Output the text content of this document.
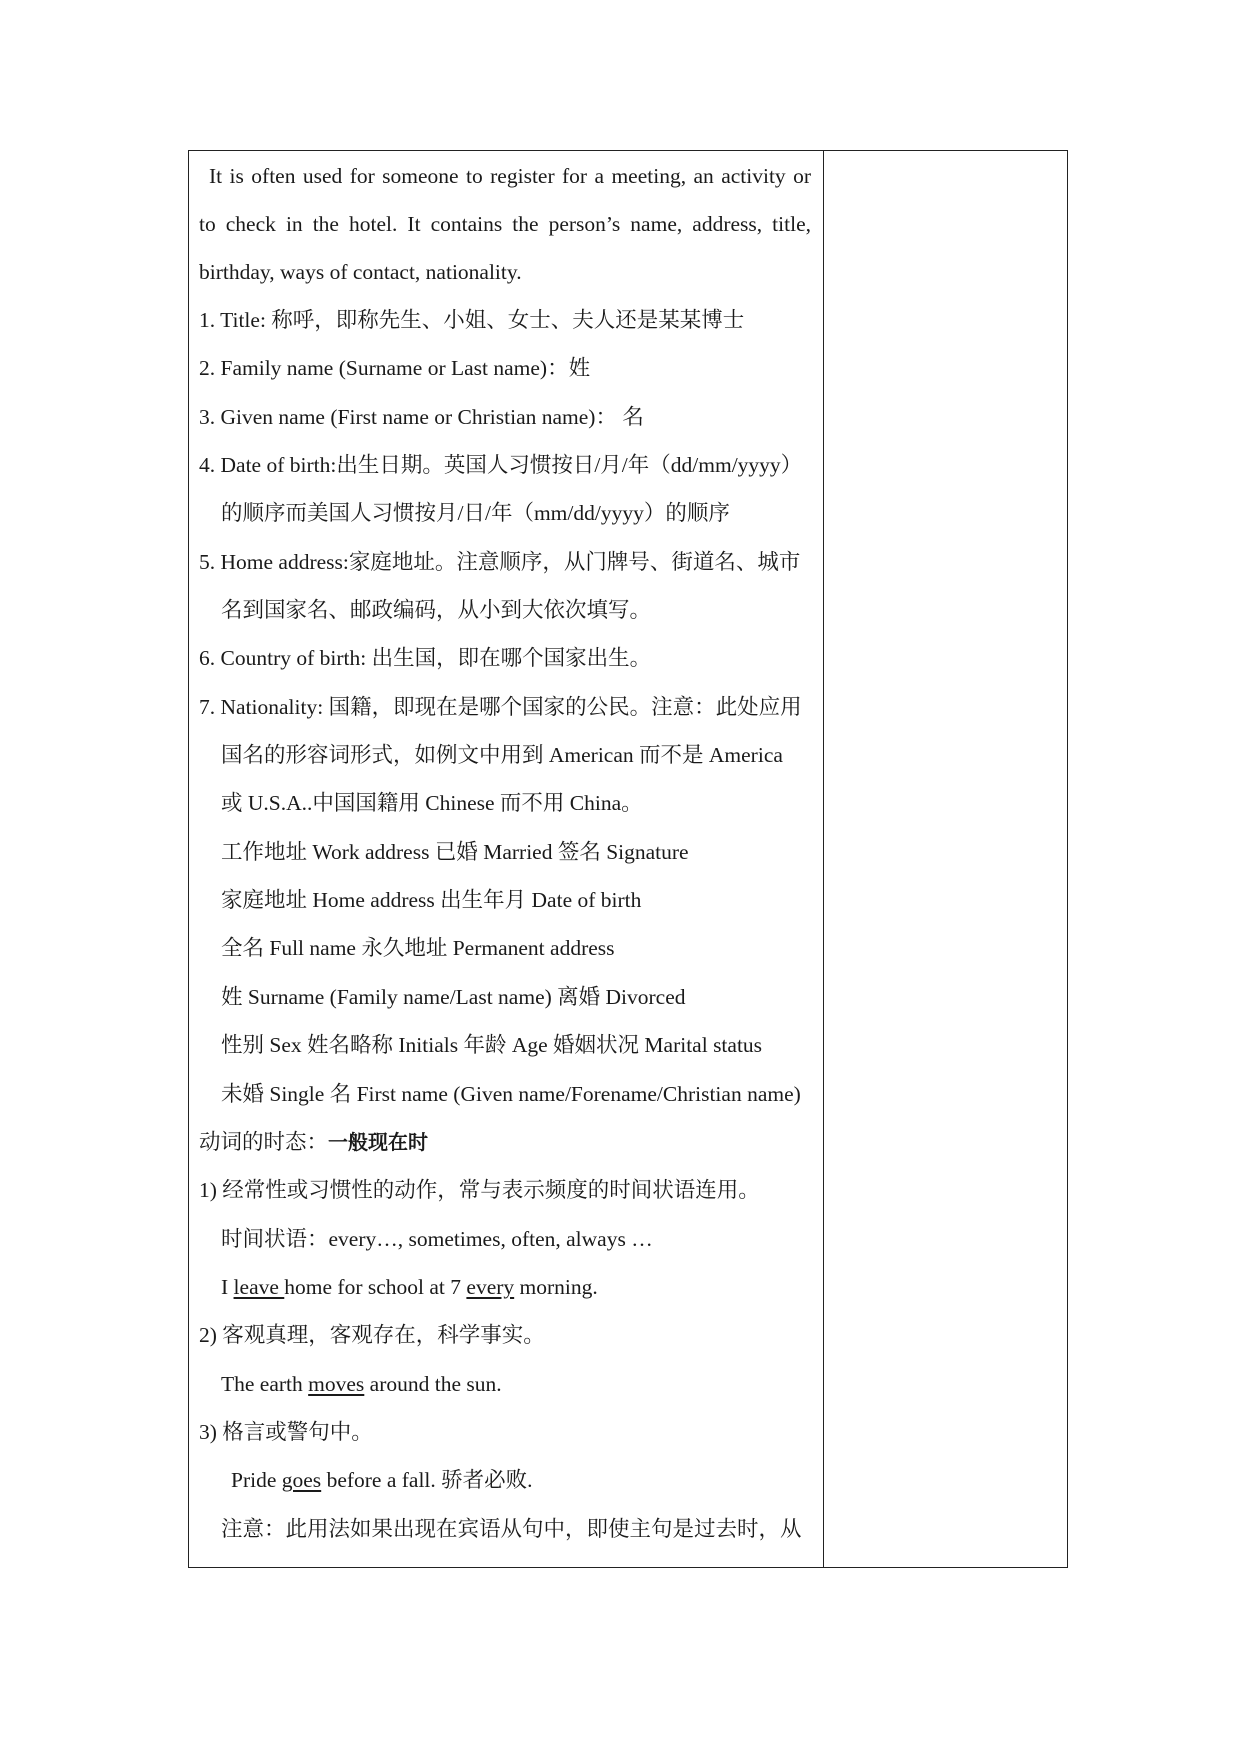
It is often used for someone to register for a meeting, an activity or
to check in the hotel. It contains the person’s name, address, title,
birthday, ways of contact, nationality.
1. Title: 称呼，即称先生、小姐、女士、夫人还是某某博士
2. Family name (Surname or Last name)：姓
3. Given name (First name or Christian name)： 名
4. Date of birth:出生日期。英国人习惯按日/月/年（dd/mm/yyyy）
的顺序而美国人习惯按月/日/年（mm/dd/yyyy）的顺序
5. Home address:家庭地址。注意顺序，从门牌号、街道名、城市
名到国家名、邮政编码，从小到大依次填写。
6. Country of birth: 出生国，即在哪个国家出生。
7. Nationality: 国籍，即现在是哪个国家的公民。注意：此处应用
国名的形容词形式，如例文中用到 American 而不是 America
或 U.S.A..中国国籍用 Chinese 而不用 China。
工作地址 Work address 已婚 Married 签名 Signature
家庭地址 Home address 出生年月 Date of birth
全名 Full name 永久地址 Permanent address
姓 Surname (Family name/Last name) 离婚 Divorced
性别 Sex 姓名略称 Initials 年龄 Age 婚姻状况 Marital status
未婚 Single 名 First name (Given name/Forename/Christian name)
动词的时态：一般现在时
1) 经常性或习惯性的动作，常与表示频度的时间状语连用。
时间状语：every…, sometimes, often, always …
I leave home for school at 7 every morning.
2) 客观真理，客观存在，科学事实。
The earth moves around the sun.
3) 格言或警句中。
Pride goes before a fall. 骄者必败.
注意：此用法如果出现在宾语从句中，即使主句是过去时，从
